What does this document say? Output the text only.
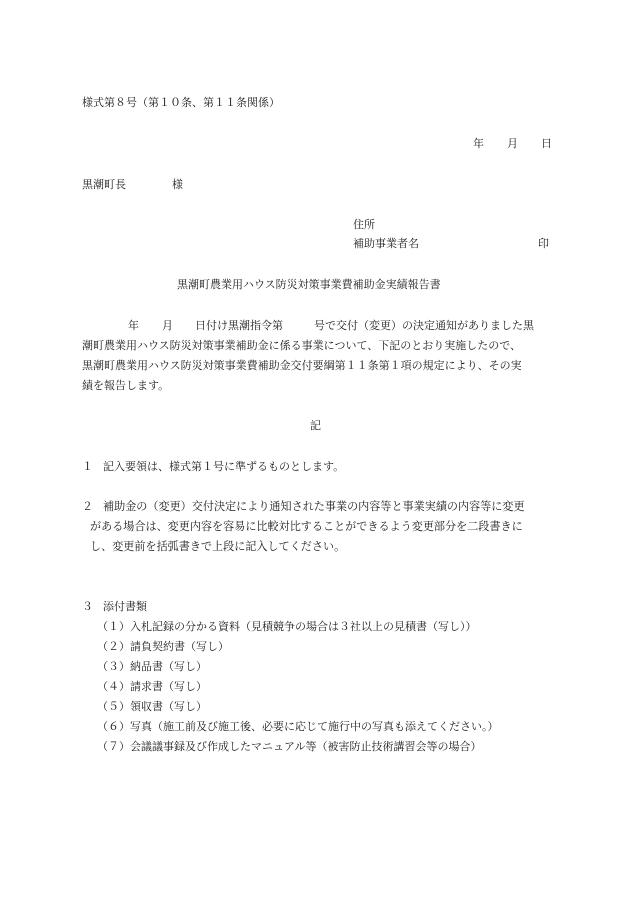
様式第８号（第１０条、第１１条関係）
年 月 日
黒潮町長	様
住所
補助事業者名	印
黒潮町農業用ハウス防災対策事業費補助金実績報告書
年 月 日付け黒潮指令第	号で交付（変更）の決定通知がありました黒
潮町農業用ハウス防災対策事業補助金に係る事業について、下記のとおり実施したので、
黒潮町農業用ハウス防災対策事業費補助金交付要綱第１１条第１項の規定により、その実
績を報告します。
記
１ 記入要領は、様式第１号に準ずるものとします。
２ 補助金の（変更）交付決定により通知された事業の内容等と事業実績の内容等に変更
がある場合は、変更内容を容易に比較対比することができるよう変更部分を二段書きに
し、変更前を括弧書きで上段に記入してください。
３ 添付書類
（１）入札記録の分かる資料（見積競争の場合は３社以上の見積書（写し））
（２）請負契約書（写し）
（３）納品書（写し）
（４）請求書（写し）
（５）領収書（写し）
（６）写真（施工前及び施工後、必要に応じて施行中の写真も添えてください。）
（７）会議議事録及び作成したマニュアル等（被害防止技術講習会等の場合）
